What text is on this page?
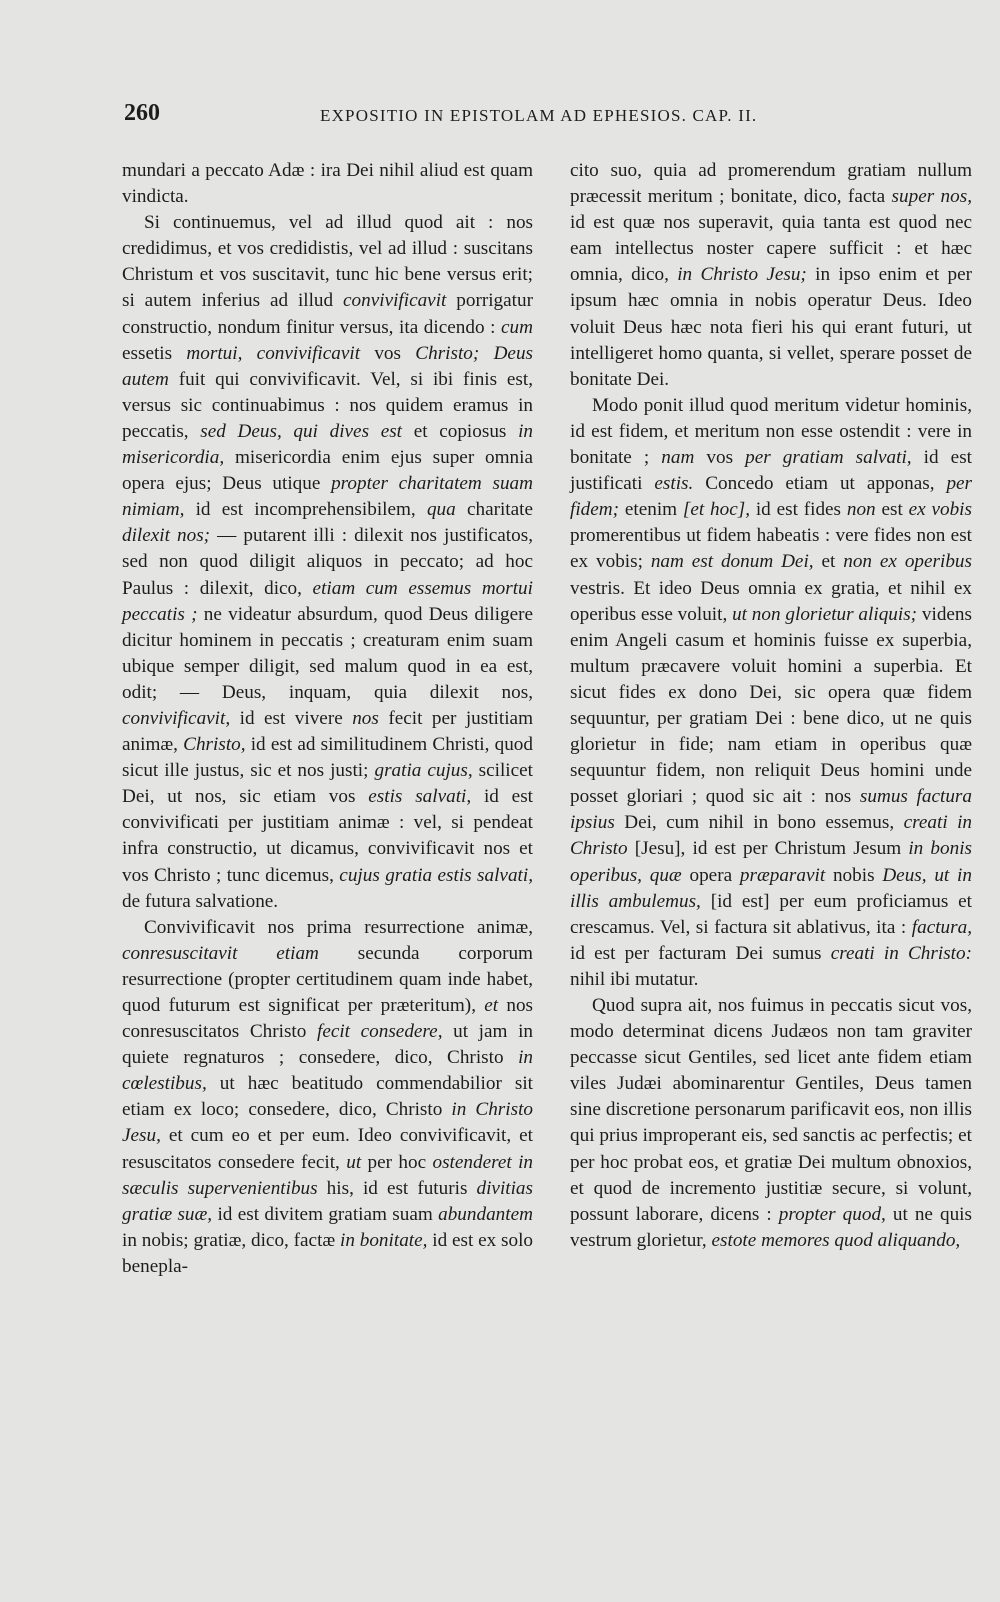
260	EXPOSITIO IN EPISTOLAM AD EPHESIOS. CAP. II.

mundari a peccato Adæ : ira Dei nihil aliud est quam vindicta.

Si continuemus, vel ad illud quod ait : nos credidimus, et vos credidistis, vel ad illud : suscitans Christum et vos suscitavit, tunc hic bene versus erit; si autem inferius ad illud convivificavit porrigatur constructio, nondum finitur versus, ita dicendo : cum essetis mortui, convivificavit vos Christo; Deus autem fuit qui convivificavit. Vel, si ibi finis est, versus sic continuabimus : nos quidem eramus in peccatis, sed Deus, qui dives est et copiosus in misericordia, misericordia enim ejus super omnia opera ejus; Deus utique propter charitatem suam nimiam, id est incomprehensibilem, qua charitate dilexit nos; — putarent illi : dilexit nos justificatos, sed non quod diligit aliquos in peccato; ad hoc Paulus : dilexit, dico, etiam cum essemus mortui peccatis ; ne videatur absurdum, quod Deus diligere dicitur hominem in peccatis ; creaturam enim suam ubique semper diligit, sed malum quod in ea est, odit; — Deus, inquam, quia dilexit nos, convivificavit, id est vivere nos fecit per justitiam animæ, Christo, id est ad similitudinem Christi, quod sicut ille justus, sic et nos justi; gratia cujus, scilicet Dei, ut nos, sic etiam vos estis salvati, id est convivificati per justitiam animæ : vel, si pendeat infra constructio, ut dicamus, convivificavit nos et vos Christo ; tunc dicemus, cujus gratia estis salvati, de futura salvatione.

Convivificavit nos prima resurrectione animæ, conresuscitavit etiam secunda corporum resurrectione (propter certitudinem quam inde habet, quod futurum est significat per præteritum), et nos conresuscitatos Christo fecit consedere, ut jam in quiete regnaturos ; consedere, dico, Christo in cœlestibus, ut hæc beatitudo commendabilior sit etiam ex loco; consedere, dico, Christo in Christo Jesu, et cum eo et per eum. Ideo convivificavit, et resuscitatos consedere fecit, ut per hoc ostenderet in sæculis supervenientibus his, id est futuris divitias gratiæ suæ, id est divitem gratiam suam abundantem in nobis; gratiæ, dico, factæ in bonitate, id est ex solo benepla-

cito suo, quia ad promerendum gratiam nullum præcessit meritum ; bonitate, dico, facta super nos, id est quæ nos superavit, quia tanta est quod nec eam intellectus noster capere sufficit : et hæc omnia, dico, in Christo Jesu; in ipso enim et per ipsum hæc omnia in nobis operatur Deus. Ideo voluit Deus hæc nota fieri his qui erant futuri, ut intelligeret homo quanta, si vellet, sperare posset de bonitate Dei.

Modo ponit illud quod meritum videtur hominis, id est fidem, et meritum non esse ostendit : vere in bonitate ; nam vos per gratiam salvati, id est justificati estis. Concedo etiam ut apponas, per fidem; etenim [et hoc], id est fides non est ex vobis promerentibus ut fidem habeatis : vere fides non est ex vobis; nam est donum Dei, et non ex operibus vestris. Et ideo Deus omnia ex gratia, et nihil ex operibus esse voluit, ut non glorietur aliquis; videns enim Angeli casum et hominis fuisse ex superbia, multum præcavere voluit homini a superbia. Et sicut fides ex dono Dei, sic opera quæ fidem sequuntur, per gratiam Dei : bene dico, ut ne quis glorietur in fide; nam etiam in operibus quæ sequuntur fidem, non reliquit Deus homini unde posset gloriari ; quod sic ait : nos sumus factura ipsius Dei, cum nihil in bono essemus, creati in Christo [Jesu], id est per Christum Jesum in bonis operibus, quæ opera præparavit nobis Deus, ut in illis ambulemus, [id est] per eum proficiamus et crescamus. Vel, si factura sit ablativus, ita : factura, id est per facturam Dei sumus creati in Christo: nihil ibi mutatur.

Quod supra ait, nos fuimus in peccatis sicut vos, modo determinat dicens Judæos non tam graviter peccasse sicut Gentiles, sed licet ante fidem etiam viles Judæi abominarentur Gentiles, Deus tamen sine discretione personarum parificavit eos, non illis qui prius improperant eis, sed sanctis ac perfectis; et per hoc probat eos, et gratiæ Dei multum obnoxios, et quod de incremento justitiæ secure, si volunt, possunt laborare, dicens : propter quod, ut ne quis vestrum glorietur, estote memores quod aliquando,
